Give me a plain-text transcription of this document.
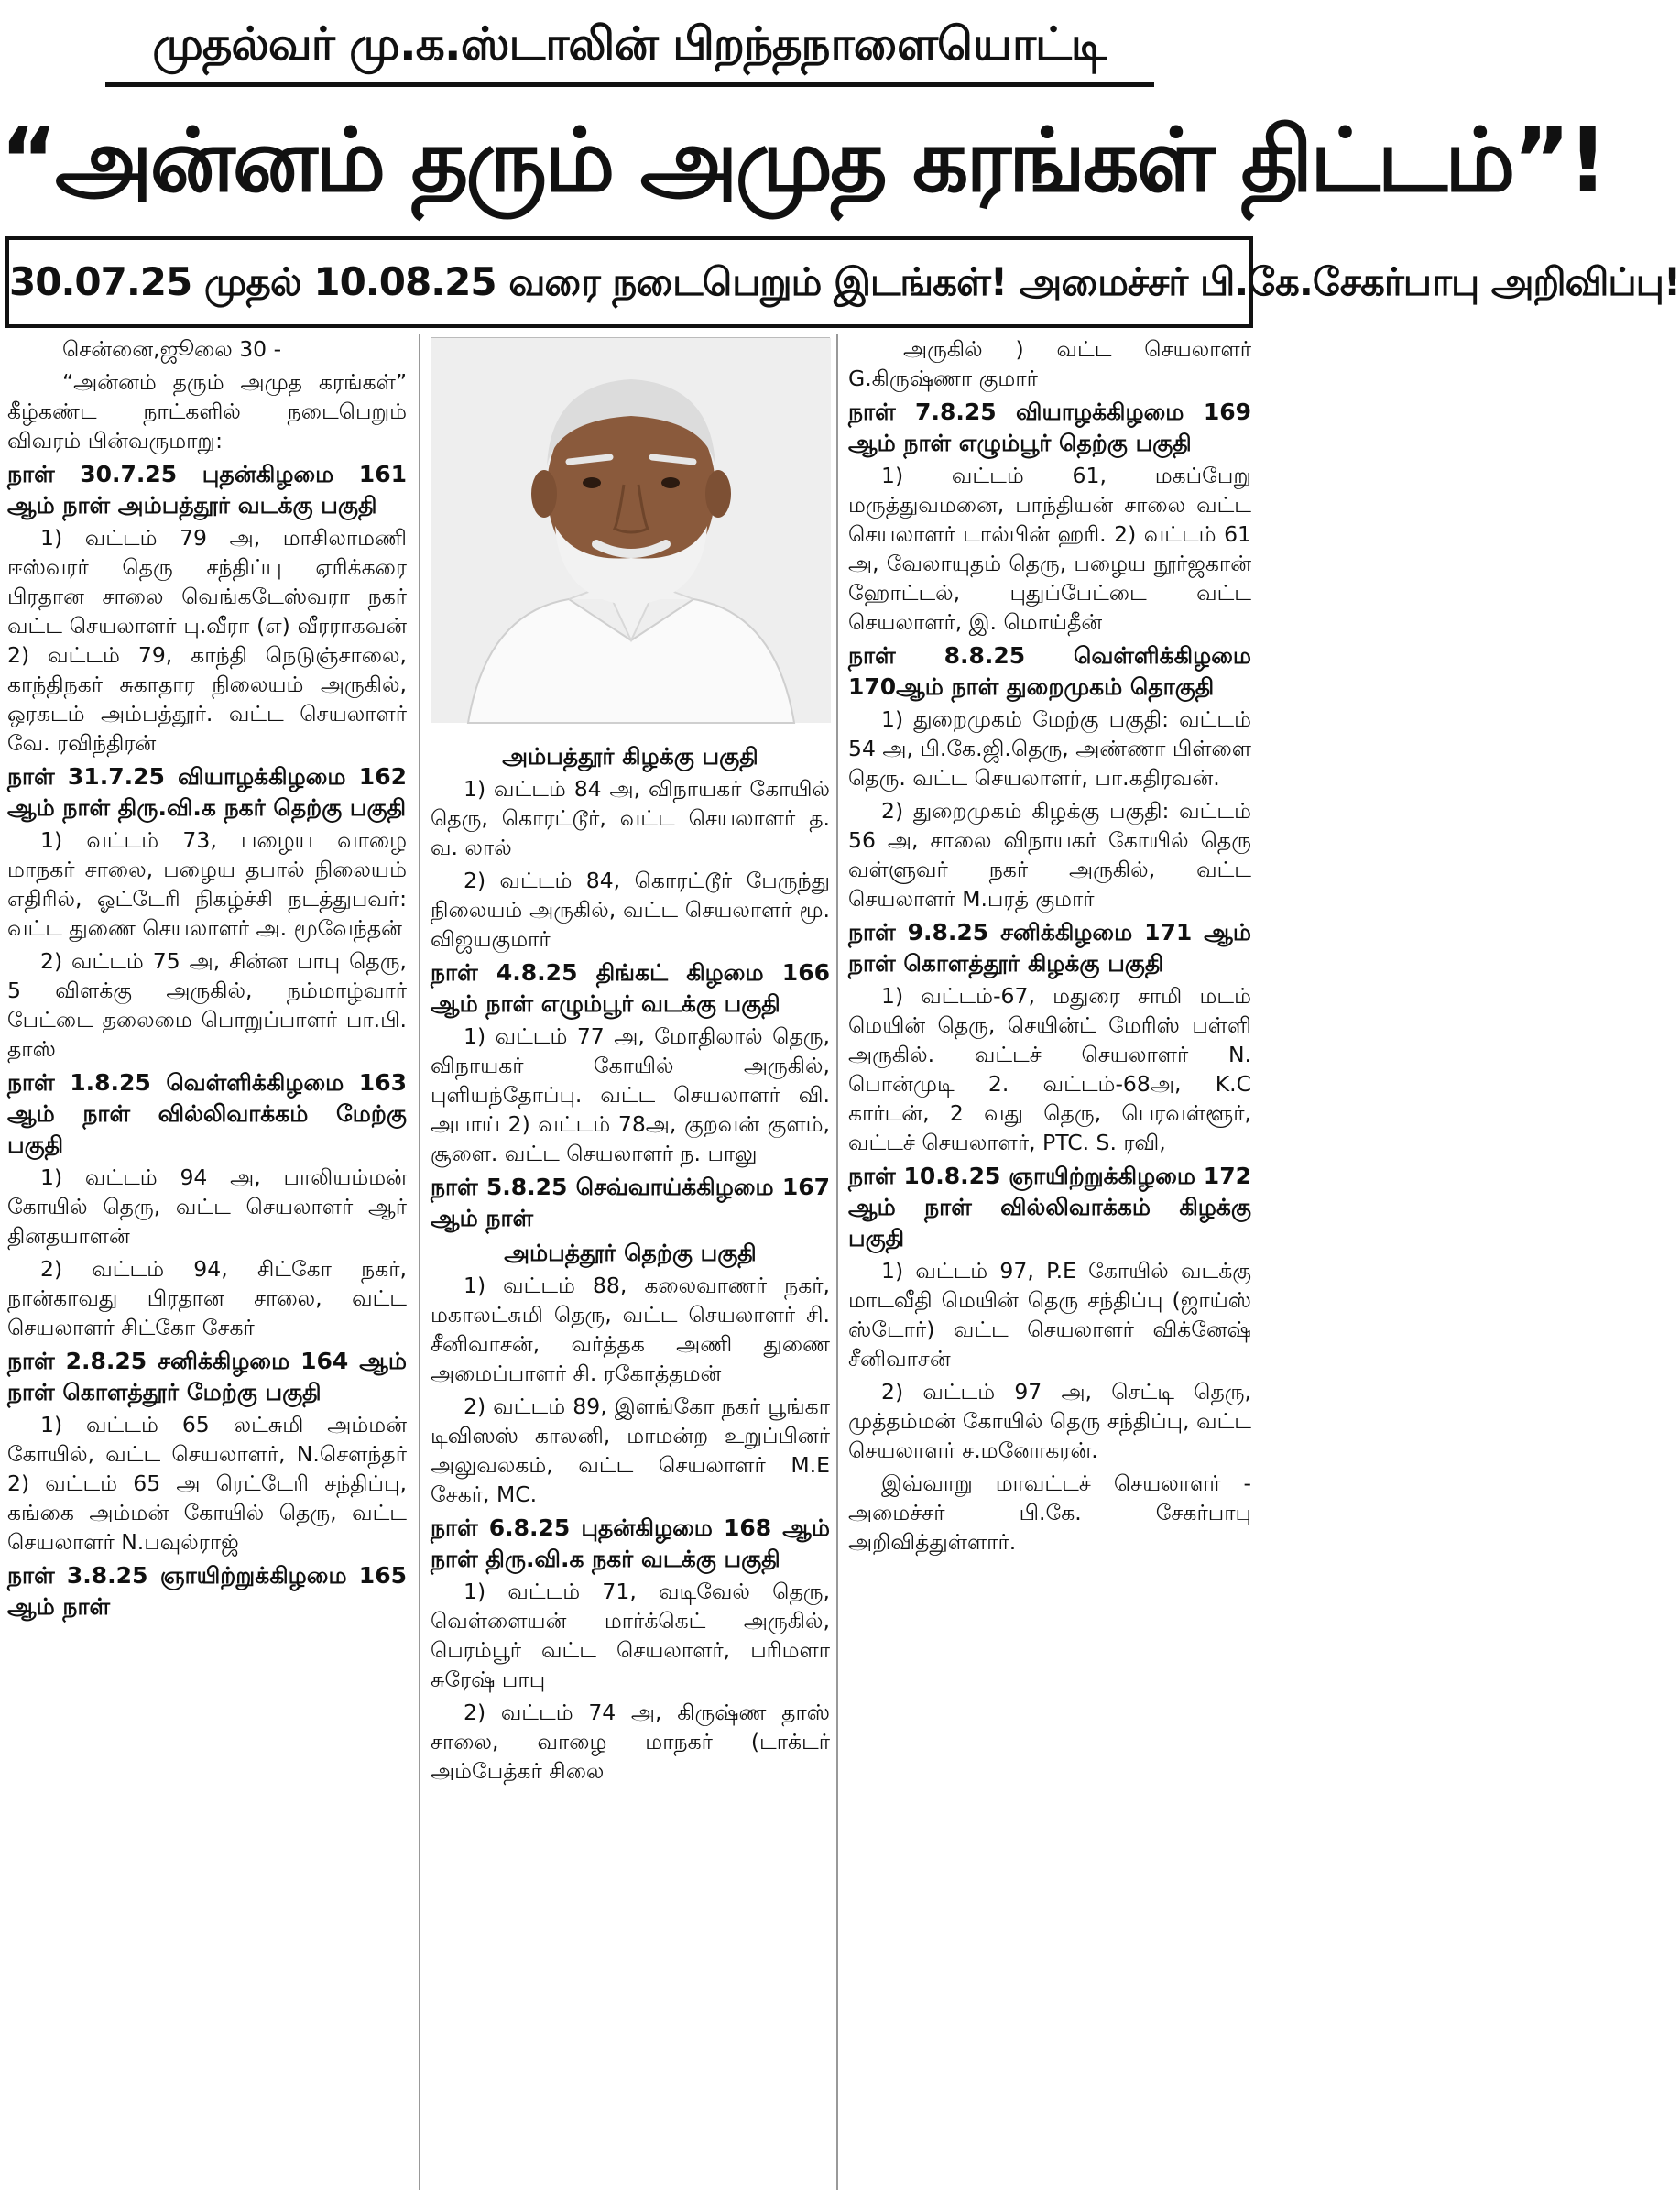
முதல்வர் மு.க.ஸ்டாலின் பிறந்தநாளையொட்டி
“அன்னம் தரும் அமுத கரங்கள் திட்டம்”!
30.07.25 முதல் 10.08.25 வரை நடைபெறும் இடங்கள்! அமைச்சர் பி.கே.சேகர்பாபு அறிவிப்பு!

சென்னை,ஜூலை 30 -

“அன்னம் தரும் அமுத கரங்கள்” கீழ்கண்ட நாட்களில் நடைபெறும் விவரம் பின்வருமாறு:

நாள் 30.7.25 புதன்கிழமை 161 ஆம் நாள் அம்பத்தூர் வடக்கு பகுதி

1) வட்டம் 79 அ, மாசிலாமணி ஈஸ்வரர் தெரு சந்திப்பு ஏரிக்கரை பிரதான சாலை வெங்கடேஸ்வரா நகர் வட்ட செயலாளர் பு.வீரா (எ) வீரராகவன் 2) வட்டம் 79, காந்தி நெடுஞ்சாலை, காந்திநகர் சுகாதார நிலையம் அருகில், ஒரகடம் அம்பத்தூர். வட்ட செயலாளர் வே. ரவிந்திரன்

நாள் 31.7.25 வியாழக்கிழமை 162 ஆம் நாள் திரு.வி.க நகர் தெற்கு பகுதி

1) வட்டம் 73, பழைய வாழை மாநகர் சாலை, பழைய தபால் நிலையம் எதிரில், ஓட்டேரி நிகழ்ச்சி நடத்துபவர்: வட்ட துணை செயலாளர் அ. மூவேந்தன்

2) வட்டம் 75 அ, சின்ன பாபு தெரு, 5 விளக்கு அருகில், நம்மாழ்வார் பேட்டை தலைமை பொறுப்பாளர் பா.பி. தாஸ்

நாள் 1.8.25 வெள்ளிக்கிழமை 163 ஆம் நாள் வில்லிவாக்கம் மேற்கு பகுதி

1) வட்டம் 94 அ, பாலியம்மன் கோயில் தெரு, வட்ட செயலாளர் ஆர் தினதயாளன்

2) வட்டம் 94, சிட்கோ நகர், நான்காவது பிரதான சாலை, வட்ட செயலாளர் சிட்கோ சேகர்

நாள் 2.8.25 சனிக்கிழமை 164 ஆம் நாள் கொளத்தூர் மேற்கு பகுதி

1) வட்டம் 65 லட்சுமி அம்மன் கோயில், வட்ட செயலாளர், N.சௌந்தர் 2) வட்டம் 65 அ ரெட்டேரி சந்திப்பு, கங்கை அம்மன் கோயில் தெரு, வட்ட செயலாளர் N.பவுல்ராஜ்

நாள் 3.8.25 ஞாயிற்றுக்கிழமை 165 ஆம் நாள்
அம்பத்தூர் கிழக்கு பகுதி

1) வட்டம் 84 அ, விநாயகர் கோயில் தெரு, கொரட்டூர், வட்ட செயலாளர் த. வ. லால்

2) வட்டம் 84, கொரட்டூர் பேருந்து நிலையம் அருகில், வட்ட செயலாளர் மூ. விஜயகுமார்

நாள் 4.8.25 திங்கட் கிழமை 166 ஆம் நாள் எழும்பூர் வடக்கு பகுதி

1) வட்டம் 77 அ, மோதிலால் தெரு, விநாயகர் கோயில் அருகில், புளியந்தோப்பு. வட்ட செயலாளர் வி. அபாய் 2) வட்டம் 78அ, குறவன் குளம், சூளை. வட்ட செயலாளர் ந. பாலு

நாள் 5.8.25 செவ்வாய்க்கிழமை 167 ஆம் நாள்
அம்பத்தூர் தெற்கு பகுதி

1) வட்டம் 88, கலைவாணர் நகர், மகாலட்சுமி தெரு, வட்ட செயலாளர் சி. சீனிவாசன், வர்த்தக அணி துணை அமைப்பாளர் சி. ரகோத்தமன்

2) வட்டம் 89, இளங்கோ நகர் பூங்கா டிவிஸஸ் காலனி, மாமன்ற உறுப்பினர் அலுவலகம், வட்ட செயலாளர் M.E சேகர், MC.

நாள் 6.8.25 புதன்கிழமை 168 ஆம் நாள் திரு.வி.க நகர் வடக்கு பகுதி

1) வட்டம் 71, வடிவேல் தெரு, வெள்ளையன் மார்க்கெட் அருகில், பெரம்பூர் வட்ட செயலாளர், பரிமளா சுரேஷ் பாபு

2) வட்டம் 74 அ, கிருஷ்ண தாஸ் சாலை, வாழை மாநகர் (டாக்டர் அம்பேத்கர் சிலை

அருகில் ) வட்ட செயலாளர் G.கிருஷ்ணா குமார்

நாள் 7.8.25 வியாழக்கிழமை 169 ஆம் நாள் எழும்பூர் தெற்கு பகுதி

1) வட்டம் 61, மகப்பேறு மருத்துவமனை, பாந்தியன் சாலை வட்ட செயலாளர் டால்பின் ஹரி. 2) வட்டம் 61 அ, வேலாயுதம் தெரு, பழைய நூர்ஜகான் ஹோட்டல், புதுப்பேட்டை வட்ட செயலாளர், இ. மொய்தீன்

நாள் 8.8.25 வெள்ளிக்கிழமை 170ஆம் நாள் துறைமுகம் தொகுதி

1) துறைமுகம் மேற்கு பகுதி: வட்டம் 54 அ, பி.கே.ஜி.தெரு, அண்ணா பிள்ளை தெரு. வட்ட செயலாளர், பா.கதிரவன்.

2) துறைமுகம் கிழக்கு பகுதி: வட்டம் 56 அ, சாலை விநாயகர் கோயில் தெரு வள்ளுவர் நகர் அருகில், வட்ட செயலாளர் M.பரத் குமார்

நாள் 9.8.25 சனிக்கிழமை 171 ஆம் நாள் கொளத்தூர் கிழக்கு பகுதி

1) வட்டம்-67, மதுரை சாமி மடம் மெயின் தெரு, செயின்ட் மேரிஸ் பள்ளி அருகில். வட்டச் செயலாளர் N. பொன்முடி 2. வட்டம்-68அ, K.C கார்டன், 2 வது தெரு, பெரவள்ளூர், வட்டச் செயலாளர், PTC. S. ரவி,

நாள் 10.8.25 ஞாயிற்றுக்கிழமை 172 ஆம் நாள் வில்லிவாக்கம் கிழக்கு பகுதி

1) வட்டம் 97, P.E கோயில் வடக்கு மாடவீதி மெயின் தெரு சந்திப்பு (ஜாய்ஸ் ஸ்டோர்) வட்ட செயலாளர் விக்னேஷ் சீனிவாசன்

2) வட்டம் 97 அ, செட்டி தெரு, முத்தம்மன் கோயில் தெரு சந்திப்பு, வட்ட செயலாளர் ச.மனோகரன்.

இவ்வாறு மாவட்டச் செயலாளர் - அமைச்சர் பி.கே. சேகர்பாபு அறிவித்துள்ளார்.
